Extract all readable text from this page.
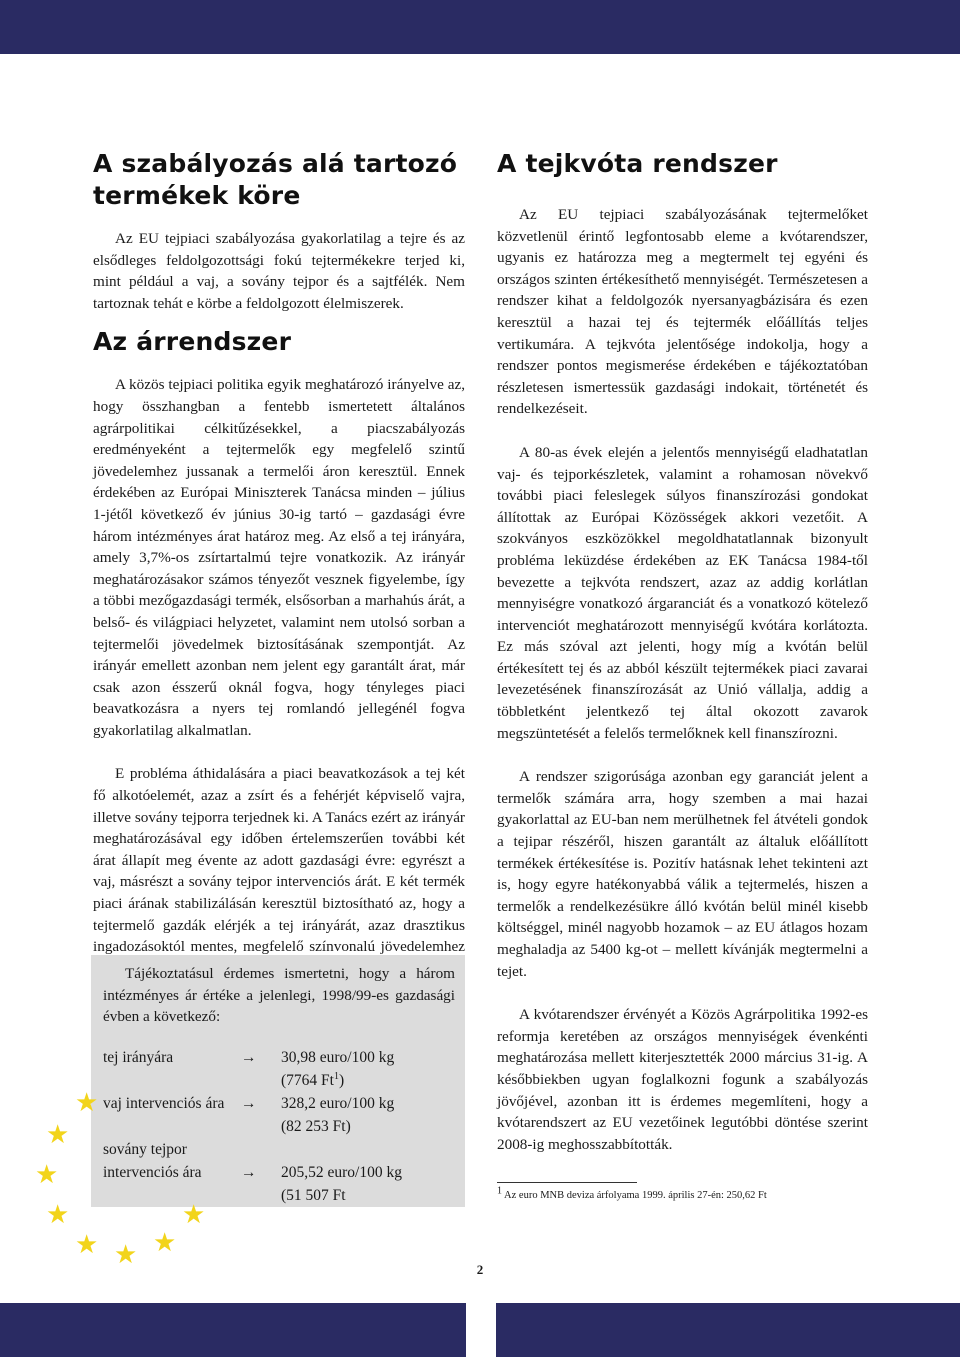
A szabályozás alá tartozó termékek köre

Az EU tejpiaci szabályozása gyakorlatilag a tejre és az elsődleges feldolgozottsági fokú tejtermékekre terjed ki, mint például a vaj, a sovány tejpor és a sajtfélék. Nem tartoznak tehát e körbe a feldolgozott élelmiszerek.

Az árrendszer

A közös tejpiaci politika egyik meghatározó irányelve az, hogy összhangban a fentebb ismertetett általános agrárpolitikai célkitűzésekkel, a piacszabályozás eredményeként a tejtermelők egy megfelelő szintű jövedelemhez jussanak a termelői áron keresztül. Ennek érdekében az Európai Miniszterek Tanácsa minden – július 1-jétől következő év június 30-ig tartó – gazdasági évre három intézményes árat határoz meg. Az első a tej irányára, amely 3,7%-os zsírtartalmú tejre vonatkozik. Az irányár meghatározásakor számos tényezőt vesznek figyelembe, így a többi mezőgazdasági termék, elsősorban a marhahús árát, a belső- és világpiaci helyzetet, valamint nem utolsó sorban a tejtermelői jövedelmek biztosításának szempontját. Az irányár emellett azonban nem jelent egy garantált árat, már csak azon ésszerű oknál fogva, hogy tényleges piaci beavatkozásra a nyers tej romlandó jellegénél fogva gyakorlatilag alkalmatlan.

E probléma áthidalására a piaci beavatkozások a tej két fő alkotóelemét, azaz a zsírt és a fehérjét képviselő vajra, illetve sovány tejporra terjednek ki. A Tanács ezért az irányár meghatározásával egy időben értelemszerűen további két árat állapít meg évente az adott gazdasági évre: egyrészt a vaj, másrészt a sovány tejpor intervenciós árát. E két termék piaci árának stabilizálásán keresztül biztosítható az, hogy a tejtermelő gazdák elérjék a tej irányárát, azaz drasztikus ingadozásoktól mentes, megfelelő színvonalú jövedelemhez

Tájékoztatásul érdemes ismertetni, hogy a három intézményes ár értéke a jelenlegi, 1998/99-es gazdasági évben a következő:

tej irányára	→	30,98 euro/100 kg
(7764 Ft$^1$)
vaj intervenciós ára	→	328,2 euro/100 kg
(82 253 Ft)
sovány tejpor
intervenciós ára	→	205,52 euro/100 kg
(51 507 Ft
★
★
★
★
★ ★ ★
★
A tejkvóta rendszer

Az EU tejpiaci szabályozásának tejtermelőket közvetlenül érintő legfontosabb eleme a kvótarendszer, ugyanis ez határozza meg a megtermelt tej egyéni és országos szinten értékesíthető mennyiségét. Természetesen a rendszer kihat a feldolgozók nyersanyagbázisára és ezen keresztül a hazai tej és tejtermék előállítás teljes vertikumára. A tejkvóta jelentősége indokolja, hogy a rendszer pontos megismerése érdekében e tájékoztatóban részletesen ismertessük gazdasági indokait, történetét és rendelkezéseit.

A 80-as évek elején a jelentős mennyiségű eladhatatlan vaj- és tejporkészletek, valamint a rohamosan növekvő további piaci feleslegek súlyos finanszírozási gondokat állítottak az Európai Közösségek akkori vezetőit. A szokványos eszközökkel megoldhatatlannak bizonyult probléma leküzdése érdekében az EK Tanácsa 1984-től bevezette a tejkvóta rendszert, azaz az addig korlátlan mennyiségre vonatkozó árgaranciát és a vonatkozó kötelező intervenciót meghatározott mennyiségű kvótára korlátozta. Ez más szóval azt jelenti, hogy míg a kvótán belül értékesített tej és az abból készült tejtermékek piaci zavarai levezetésének finanszírozását az Unió vállalja, addig a többletként jelentkező tej által okozott zavarok megszüntetését a felelős termelőknek kell finanszírozni.

A rendszer szigorúsága azonban egy garanciát jelent a termelők számára arra, hogy szemben a mai hazai gyakorlattal az EU-ban nem merülhetnek fel átvételi gondok a tejipar részéről, hiszen garantált az általuk előállított termékek értékesítése is. Pozitív hatásnak lehet tekinteni azt is, hogy egyre hatékonyabbá válik a tejtermelés, hiszen a termelők a rendelkezésükre álló kvótán belül minél kisebb költséggel, minél nagyobb hozamok – az EU átlagos hozam meghaladja az 5400 kg-ot – mellett kívánják megtermelni a tejet.

A kvótarendszer érvényét a Közös Agrárpolitika 1992-es reformja keretében az országos mennyiségek évenkénti meghatározása mellett kiterjesztették 2000 március 31-ig. A későbbiekben ugyan foglalkozni fogunk a szabályozás jövőjével, azonban itt is érdemes megemlíteni, hogy a kvótarendszert az EU vezetőinek legutóbbi döntése szerint 2008-ig meghosszabbították.

1 Az euro MNB deviza árfolyama 1999. április 27-én: 250,62 Ft
2
